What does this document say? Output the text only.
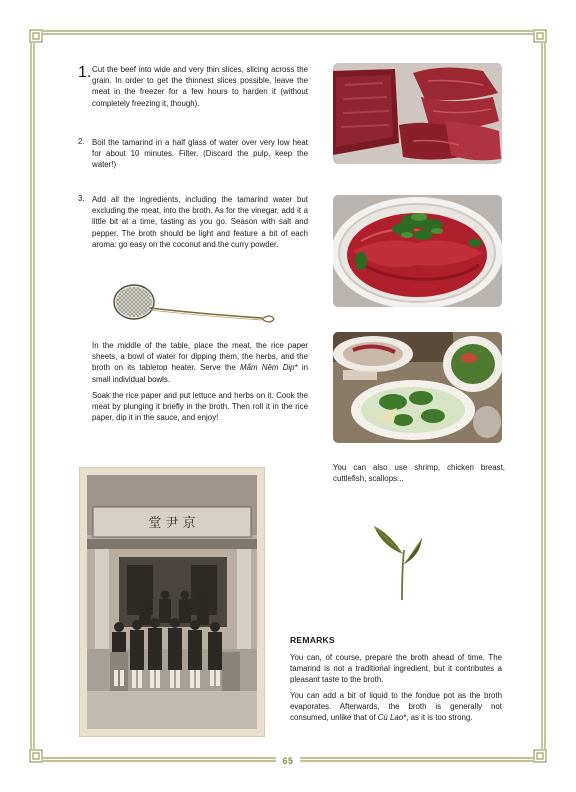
65
1. Cut the beef into wide and very thin slices, slicing across the grain. In order to get the thinnest slices possible, leave the meat in the freezer for a few hours to harden it (without completely freezing it, though).
2. Boil the tamarind in a half glass of water over very low heat for about 10 minutes. Filter. (Discard the pulp, keep the water!)
3. Add all the ingredients, including the tamarind water but excluding the meat, into the broth. As for the vinegar, add it a little bit at a time, tasting as you go. Season with salt and pepper. The broth should be light and feature a bit of each aroma: go easy on the coconut and the curry powder.

In the middle of the table, place the meat, the rice paper sheets, a bowl of water for dipping them, the herbs, and the broth on its tabletop heater. Serve the Mắm Nêm Dip* in small individual bowls.

Soak the rice paper and put lettuce and herbs on it. Cook the meat by plunging it briefly in the broth. Then roll it in the rice paper, dip it in the sauce, and enjoy!

You can also use shrimp, chicken breast, cuttlefish, scallops...
堂 尹 京
REMARKS

You can, of course, prepare the broth ahead of time. The tamarind is not a traditional ingredient, but it contributes a pleasant taste to the broth.

You can add a bit of liquid to the fondue pot as the broth evaporates. Afterwards, the broth is generally not consumed, unlike that of Cù Lao*, as it is too strong.
